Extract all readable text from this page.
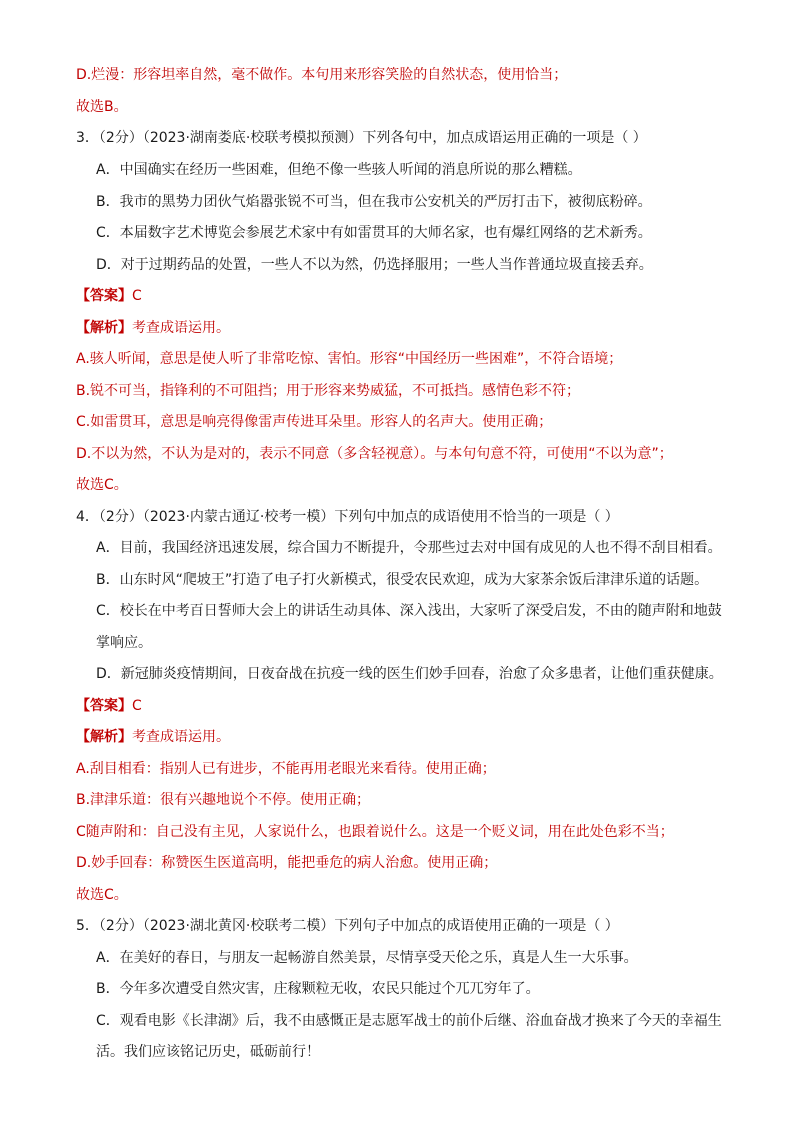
D.烂漫：形容坦率自然，毫不做作。本句用来形容笑脸的自然状态，使用恰当；
故选B。
3．（2分）（2023·湖南娄底·校联考模拟预测）下列各句中，加点成语运用正确的一项是（ ）
A．中国确实在经历一些困难，但绝不像一些骇人听闻的消息所说的那么糟糕。
B．我市的黑势力团伙气焰嚣张锐不可当，但在我市公安机关的严厉打击下，被彻底粉碎。
C．本届数字艺术博览会参展艺术家中有如雷贯耳的大师名家，也有爆红网络的艺术新秀。
D．对于过期药品的处置，一些人不以为然，仍选择服用；一些人当作普通垃圾直接丢弃。
【答案】C
【解析】考查成语运用。
A.骇人听闻，意思是使人听了非常吃惊、害怕。形容“中国经历一些困难”，不符合语境；
B.锐不可当，指锋利的不可阻挡；用于形容来势威猛，不可抵挡。感情色彩不符；
C.如雷贯耳，意思是响亮得像雷声传进耳朵里。形容人的名声大。使用正确；
D.不以为然，不认为是对的，表示不同意（多含轻视意）。与本句句意不符，可使用“不以为意”；
故选C。
4．（2分）（2023·内蒙古通辽·校考一模）下列句中加点的成语使用不恰当的一项是（ ）
A．目前，我国经济迅速发展，综合国力不断提升，令那些过去对中国有成见的人也不得不刮目相看。
B．山东时风“爬坡王”打造了电子打火新模式，很受农民欢迎，成为大家茶余饭后津津乐道的话题。
C．校长在中考百日誓师大会上的讲话生动具体、深入浅出，大家听了深受启发，不由的随声附和地鼓
掌响应。
D．新冠肺炎疫情期间，日夜奋战在抗疫一线的医生们妙手回春，治愈了众多患者，让他们重获健康。
【答案】C
【解析】考查成语运用。
A.刮目相看：指别人已有进步，不能再用老眼光来看待。使用正确；
B.津津乐道：很有兴趣地说个不停。使用正确；
C随声附和：自己没有主见，人家说什么，也跟着说什么。这是一个贬义词，用在此处色彩不当；
D.妙手回春：称赞医生医道高明，能把垂危的病人治愈。使用正确；
故选C。
5．（2分）（2023·湖北黄冈·校联考二模）下列句子中加点的成语使用正确的一项是（ ）
A．在美好的春日，与朋友一起畅游自然美景，尽情享受天伦之乐，真是人生一大乐事。
B．今年多次遭受自然灾害，庄稼颗粒无收，农民只能过个兀兀穷年了。
C．观看电影《长津湖》后，我不由感慨正是志愿军战士的前仆后继、浴血奋战才换来了今天的幸福生
活。我们应该铭记历史，砥砺前行！
